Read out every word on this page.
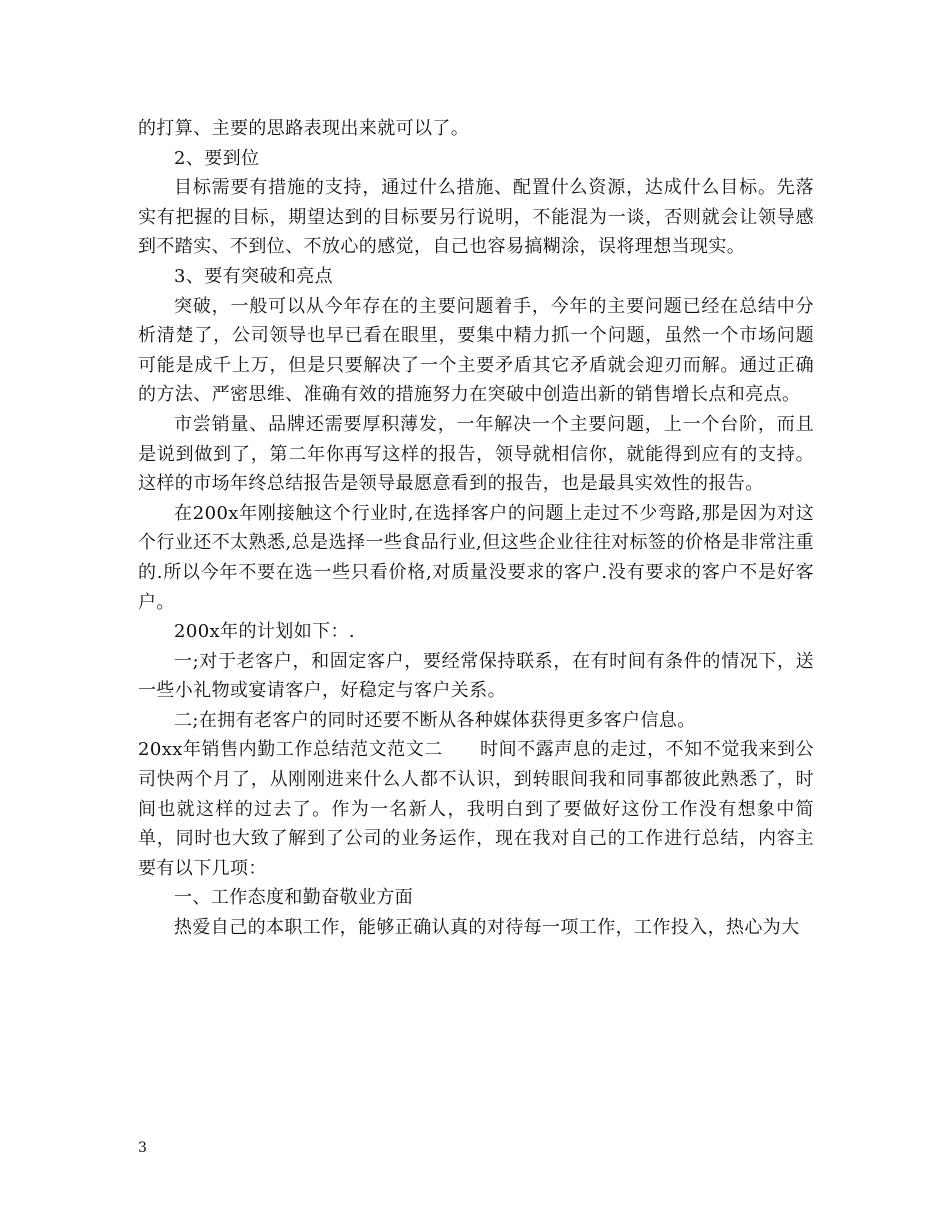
的打算、主要的思路表现出来就可以了。

2、要到位

目标需要有措施的支持，通过什么措施、配置什么资源，达成什么目标。先落实有把握的目标，期望达到的目标要另行说明，不能混为一谈，否则就会让领导感到不踏实、不到位、不放心的感觉，自己也容易搞糊涂，误将理想当现实。

3、要有突破和亮点

突破，一般可以从今年存在的主要问题着手，今年的主要问题已经在总结中分析清楚了，公司领导也早已看在眼里，要集中精力抓一个问题，虽然一个市场问题可能是成千上万，但是只要解决了一个主要矛盾其它矛盾就会迎刃而解。通过正确的方法、严密思维、准确有效的措施努力在突破中创造出新的销售增长点和亮点。

市尝销量、品牌还需要厚积薄发，一年解决一个主要问题，上一个台阶，而且是说到做到了，第二年你再写这样的报告，领导就相信你，就能得到应有的支持。这样的市场年终总结报告是领导最愿意看到的报告，也是最具实效性的报告。

在200x年刚接触这个行业时,在选择客户的问题上走过不少弯路,那是因为对这个行业还不太熟悉,总是选择一些食品行业,但这些企业往往对标签的价格是非常注重的.所以今年不要在选一些只看价格,对质量没要求的客户.没有要求的客户不是好客户。

200x年的计划如下：.

一;对于老客户，和固定客户，要经常保持联系，在有时间有条件的情况下，送一些小礼物或宴请客户，好稳定与客户关系。

二;在拥有老客户的同时还要不断从各种媒体获得更多客户信息。

20xx年销售内勤工作总结范文范文二　　时间不露声息的走过，不知不觉我来到公司快两个月了，从刚刚进来什么人都不认识，到转眼间我和同事都彼此熟悉了，时间也就这样的过去了。作为一名新人，我明白到了要做好这份工作没有想象中简单，同时也大致了解到了公司的业务运作，现在我对自己的工作进行总结，内容主要有以下几项：

一、工作态度和勤奋敬业方面

热爱自己的本职工作，能够正确认真的对待每一项工作，工作投入，热心为大

3
